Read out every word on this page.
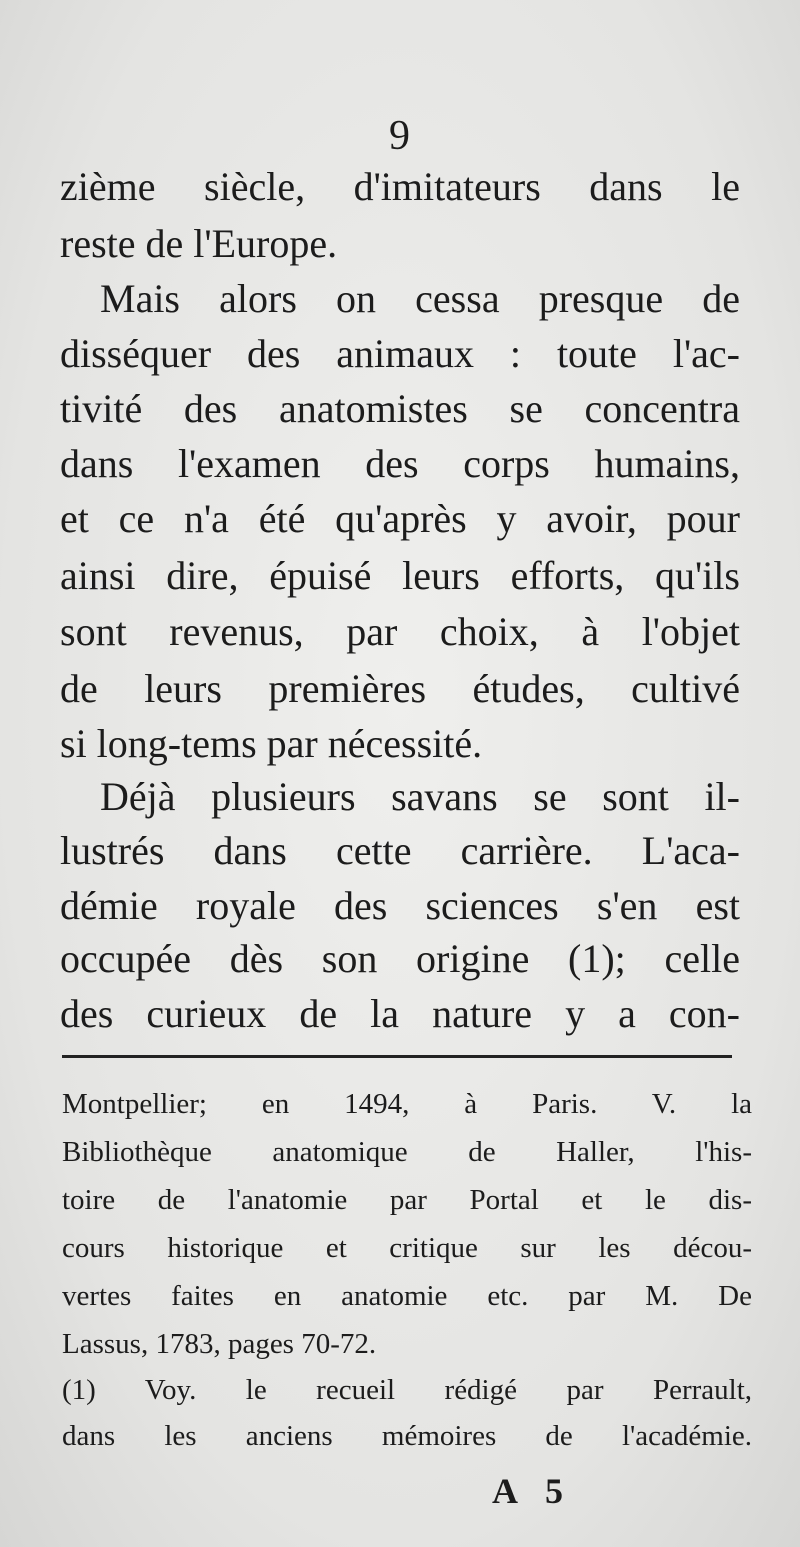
9
zième siècle, d'imitateurs dans le
reste de l'Europe.
Mais alors on cessa presque de
disséquer des animaux : toute l'ac-
tivité des anatomistes se concentra
dans l'examen des corps humains,
et ce n'a été qu'après y avoir, pour
ainsi dire, épuisé leurs efforts, qu'ils
sont revenus, par choix, à l'objet
de leurs premières études, cultivé
si long-tems par nécessité.
Déjà plusieurs savans se sont il-
lustrés dans cette carrière. L'aca-
démie royale des sciences s'en est
occupée dès son origine (1); celle
des curieux de la nature y a con-
Montpellier; en 1494, à Paris. V. la
Bibliothèque anatomique de Haller, l'his-
toire de l'anatomie par Portal et le dis-
cours historique et critique sur les décou-
vertes faites en anatomie etc. par M. De
Lassus, 1783, pages 70-72.
(1) Voy. le recueil rédigé par Perrault,
dans les anciens mémoires de l'académie.
A 5
